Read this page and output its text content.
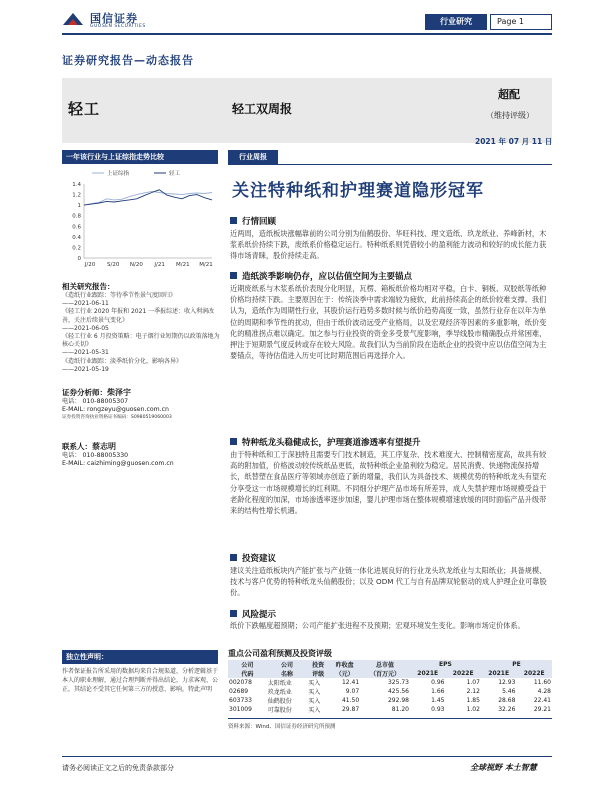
国信证券
GUOSEN SECURITIES
行业研究	Page 1
证券研究报告—动态报告
轻工	轻工双周报
超配
（维持评级）
2021 年 07 月 11 日
一年该行业与上证综指走势比较
0
0.2
0.4
0.6
0.8
1
1.2
1.4
J/20 S/20 N/20 J/21 M/21 M/21
上证综指	轻工
相关研究报告：
《造纸行业跟踪：等待季节性景气度回归》
——2021-06-11
《轻工行业 2020 年报和 2021 一季报综述：收入利润改善，关注后续景气变化》
——2021-06-05
《轻工行业 6 月投资策略：电子烟行业短期仍以政策落地为核心关切》
——2021-05-31
《造纸行业跟踪：淡季纸价分化，影响各异》
——2021-05-19
证券分析师：柴泽宇
电话： 010-88005307
E-MAIL: rongzeyu@guosen.com.cn
证券投资咨询执业资格证书编码：S0980519060003
联系人：蔡志明
电话： 010-88005330
E-MAIL: caizhiming@guosen.com.cn
独立性声明：
作者保证报告所采用的数据均来自合规渠道，分析逻辑基于本人的职业理解，通过合理判断并得出结论，力求客观、公正，其结论不受其它任何第三方的授意、影响，特此声明
行业周报
关注特种纸和护理赛道隐形冠军
行情回顾
近两周，造纸板块涨幅靠前的公司分别为仙鹤股份、华旺科技、理文造纸、玖龙纸业、养峰新材，木浆系纸价持续下跌，废纸系价格稳定运行。特种纸系则凭借较小的盈利能力波动和较好的成长能力获得市场青睐，股价持续走高。
造纸淡季影响仍存，应以估值空间为主要锚点
近期废纸系与木浆系纸价表现分化明显，瓦楞、箱板纸价格均相对平稳，白卡、铜板、双胶纸等纸种价格均持续下跌。主要原因在于：传统淡季中需求端较为疲软，此前持续高企的纸价较难支撑。我们认为，造纸作为周期性行业，其股价运行趋势多数时候与纸价趋势高度一致，虽然行业存在以年为单位的周期和季节性的扰动，但由于纸价波动远受产业格局，以及宏观经济等因素的多重影响，纸价变化的精准拐点难以确定。加之参与行业投资的资金多受景气度影响，季导线股市精确股点并常困难，押注于短期景气度反转或存在较大风险。故我们认为当前阶段在造纸企业的投资中应以估值空间为主要锚点，等待估值进入历史可比时期范围后再选择介入。
特种纸龙头稳健成长，护理赛道渗透率有望提升
由于特种纸和工于深独特且需要专门技术制造，其工序复杂、技术难度大、控制精密度高，故具有较高的附加值，价格波动较传统纸品更低，故特种纸企业盈利较为稳定。居民消费、快递物流保持增长，纸替塑在食品医疗等领域亦创造了新的增量，我们认为具备技术、规模优势的特种纸龙头有望充分享受这一市场规模增长的红利期。不同细分护理产品市场有所差异，成人失禁护理市场规模受益于老龄化程度的加深，市场渗透率逐步加速，婴儿护理市场在整体规模增速放缓的同时面临产品升级带来的结构性增长机遇。
投资建议
建议关注造纸板块内产能扩张与产业链一体化进展良好的行业龙头玖龙纸业与太阳纸业；具备规模、技术与客户优势的特种纸龙头仙鹤股份；以及 ODM 代工与自有品牌双轮驱动的成人护理企业可靠股份。
风险提示
纸价下跌幅度超预期；公司产能扩张进程不及预期；宏观环境发生变化。影响市场定价体系。
重点公司盈利预测及投资评级
公司	公司	投资	昨收盘	总市值	EPS		PE	
代码	名称	评级	（元）	（百万元）	2021E	2022E	2021E	2022E
002078	太阳纸业	买入	12.41	325.73	0.96	1.07	12.93	11.60
02689	玖龙纸业	买入	9.07	425.56	1.66	2.12	5.46	4.28
603733	仙鹤股份	买入	41.50	292.98	1.45	1.85	28.68	22.41
301009	可靠股份	买入	29.87	81.20	0.93	1.02	32.26	29.21
资料来源：Wind、国信证券经济研究所预测
请务必阅读正文之后的免责条款部分	全球视野 本土智慧
